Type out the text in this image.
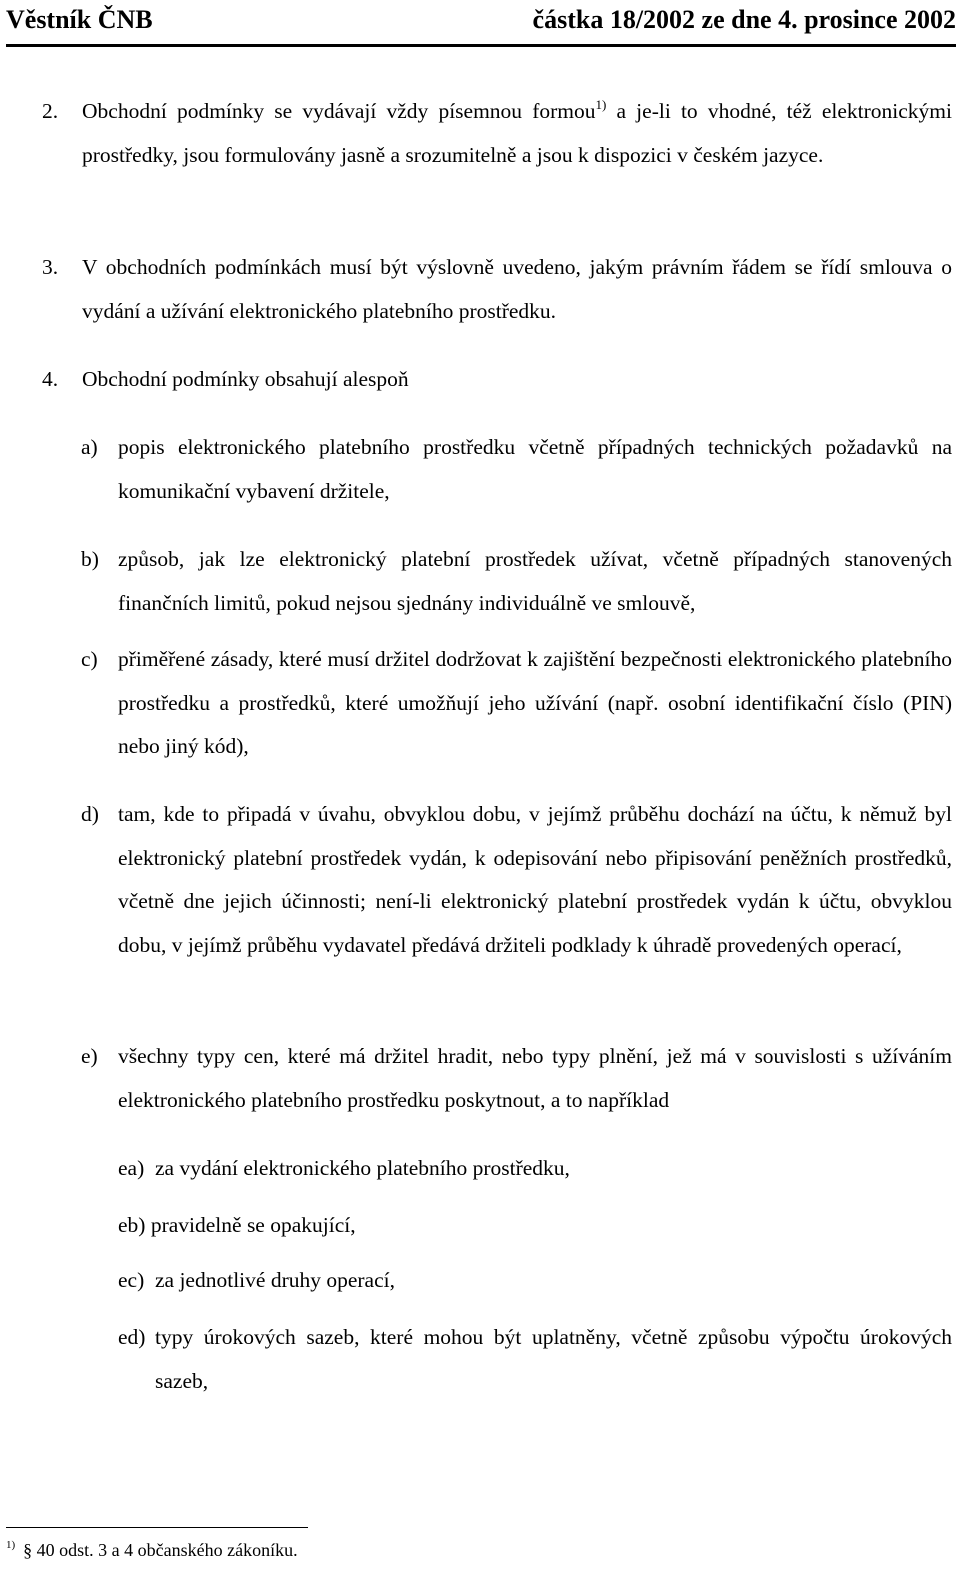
Věstník ČNB	částka 18/2002 ze dne 4. prosince 2002
2. Obchodní podmínky se vydávají vždy písemnou formou$^{1)}$ a je-li to vhodné, též elektronickými prostředky, jsou formulovány jasně a srozumitelně a jsou k dispozici v českém jazyce.
3. V obchodních podmínkách musí být výslovně uvedeno, jakým právním řádem se řídí smlouva o vydání a užívání elektronického platebního prostředku.
4. Obchodní podmínky obsahují alespoň
a) popis elektronického platebního prostředku včetně případných technických požadavků na komunikační vybavení držitele,
b) způsob, jak lze elektronický platební prostředek užívat, včetně případných stanovených finančních limitů, pokud nejsou sjednány individuálně ve smlouvě,
c) přiměřené zásady, které musí držitel dodržovat k zajištění bezpečnosti elektronického platebního prostředku a prostředků, které umožňují jeho užívání (např. osobní identifikační číslo (PIN) nebo jiný kód),
d) tam, kde to připadá v úvahu, obvyklou dobu, v jejímž průběhu dochází na účtu, k němuž byl elektronický platební prostředek vydán, k odepisování nebo připisování peněžních prostředků, včetně dne jejich účinnosti; není-li elektronický platební prostředek vydán k účtu, obvyklou dobu, v jejímž průběhu vydavatel předává držiteli podklady k úhradě provedených operací,
e) všechny typy cen, které má držitel hradit, nebo typy plnění, jež má v souvislosti s užíváním elektronického platebního prostředku poskytnout, a to například
ea) za vydání elektronického platebního prostředku,
eb) pravidelně se opakující,
ec) za jednotlivé druhy operací,
ed) typy úrokových sazeb, které mohou být uplatněny, včetně způsobu výpočtu úrokových sazeb,
$^{1)}$ § 40 odst. 3 a 4 občanského zákoníku.
